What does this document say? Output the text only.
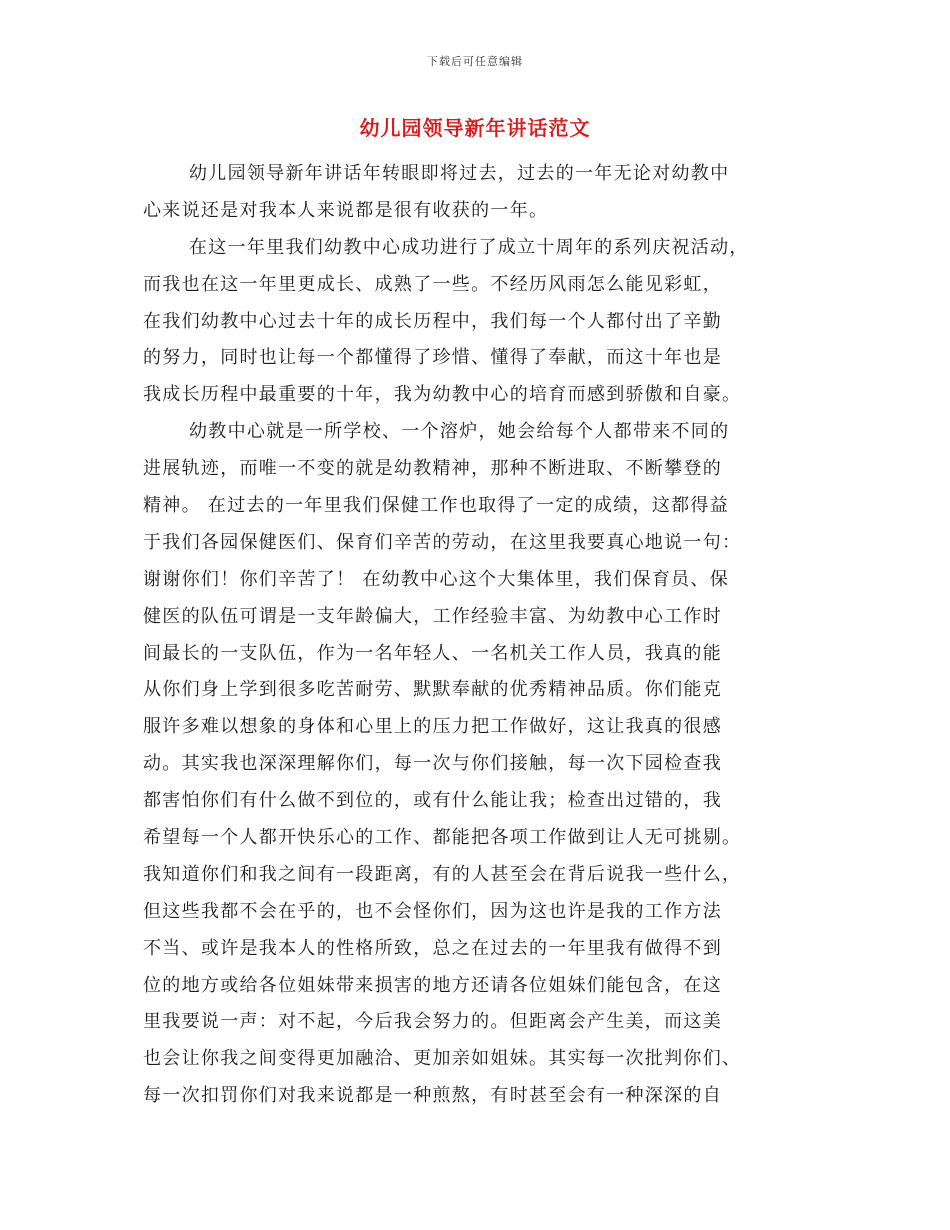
下载后可任意编辑
幼儿园领导新年讲话范文
幼儿园领导新年讲话年转眼即将过去，过去的一年无论对幼教中
心来说还是对我本人来说都是很有收获的一年。
在这一年里我们幼教中心成功进行了成立十周年的系列庆祝活动，
而我也在这一年里更成长、成熟了一些。不经历风雨怎么能见彩虹，
在我们幼教中心过去十年的成长历程中，我们每一个人都付出了辛勤
的努力，同时也让每一个都懂得了珍惜、懂得了奉献，而这十年也是
我成长历程中最重要的十年，我为幼教中心的培育而感到骄傲和自豪。
幼教中心就是一所学校、一个溶炉，她会给每个人都带来不同的
进展轨迹，而唯一不变的就是幼教精神，那种不断进取、不断攀登的
精神。 在过去的一年里我们保健工作也取得了一定的成绩，这都得益
于我们各园保健医们、保育们辛苦的劳动，在这里我要真心地说一句：
谢谢你们！你们辛苦了！ 在幼教中心这个大集体里，我们保育员、保
健医的队伍可谓是一支年龄偏大，工作经验丰富、为幼教中心工作时
间最长的一支队伍，作为一名年轻人、一名机关工作人员，我真的能
从你们身上学到很多吃苦耐劳、默默奉献的优秀精神品质。你们能克
服许多难以想象的身体和心里上的压力把工作做好，这让我真的很感
动。其实我也深深理解你们，每一次与你们接触，每一次下园检查我
都害怕你们有什么做不到位的，或有什么能让我；检查出过错的，我
希望每一个人都开快乐心的工作、都能把各项工作做到让人无可挑剔。
我知道你们和我之间有一段距离，有的人甚至会在背后说我一些什么，
但这些我都不会在乎的，也不会怪你们，因为这也许是我的工作方法
不当、或许是我本人的性格所致，总之在过去的一年里我有做得不到
位的地方或给各位姐妹带来损害的地方还请各位姐妹们能包含，在这
里我要说一声：对不起，今后我会努力的。但距离会产生美，而这美
也会让你我之间变得更加融洽、更加亲如姐妹。其实每一次批判你们、
每一次扣罚你们对我来说都是一种煎熬，有时甚至会有一种深深的自
